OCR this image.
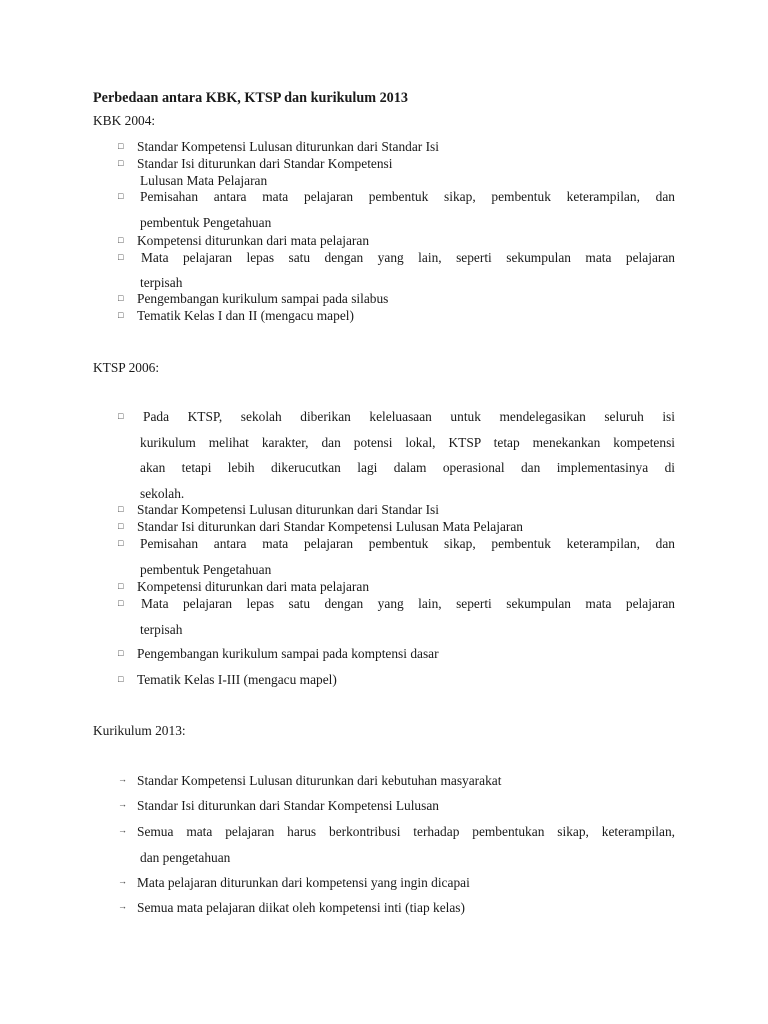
Perbedaan antara KBK, KTSP dan kurikulum 2013
KBK 2004:
□ Standar Kompetensi Lulusan diturunkan dari Standar Isi
□ Standar Isi diturunkan dari Standar Kompetensi
Lulusan Mata Pelajaran
□ Pemisahan antara mata pelajaran pembentuk sikap, pembentuk keterampilan, dan
pembentuk Pengetahuan
□ Kompetensi diturunkan dari mata pelajaran
□ Mata pelajaran lepas satu dengan yang lain, seperti sekumpulan mata pelajaran
terpisah
□ Pengembangan kurikulum sampai pada silabus
□ Tematik Kelas I dan II (mengacu mapel)
KTSP 2006:
□ Pada KTSP, sekolah diberikan keleluasaan untuk mendelegasikan seluruh isi
kurikulum melihat karakter, dan potensi lokal, KTSP tetap menekankan kompetensi
akan tetapi lebih dikerucutkan lagi dalam operasional dan implementasinya di
sekolah.
□ Standar Kompetensi Lulusan diturunkan dari Standar Isi
□ Standar Isi diturunkan dari Standar Kompetensi Lulusan Mata Pelajaran
□ Pemisahan antara mata pelajaran pembentuk sikap, pembentuk keterampilan, dan
pembentuk Pengetahuan
□ Kompetensi diturunkan dari mata pelajaran
□ Mata pelajaran lepas satu dengan yang lain, seperti sekumpulan mata pelajaran
terpisah
□ Pengembangan kurikulum sampai pada komptensi dasar
□ Tematik Kelas I-III (mengacu mapel)
Kurikulum 2013:
→ Standar Kompetensi Lulusan diturunkan dari kebutuhan masyarakat
→ Standar Isi diturunkan dari Standar Kompetensi Lulusan
→ Semua mata pelajaran harus berkontribusi terhadap pembentukan sikap, keterampilan,
dan pengetahuan
→ Mata pelajaran diturunkan dari kompetensi yang ingin dicapai
→ Semua mata pelajaran diikat oleh kompetensi inti (tiap kelas)
